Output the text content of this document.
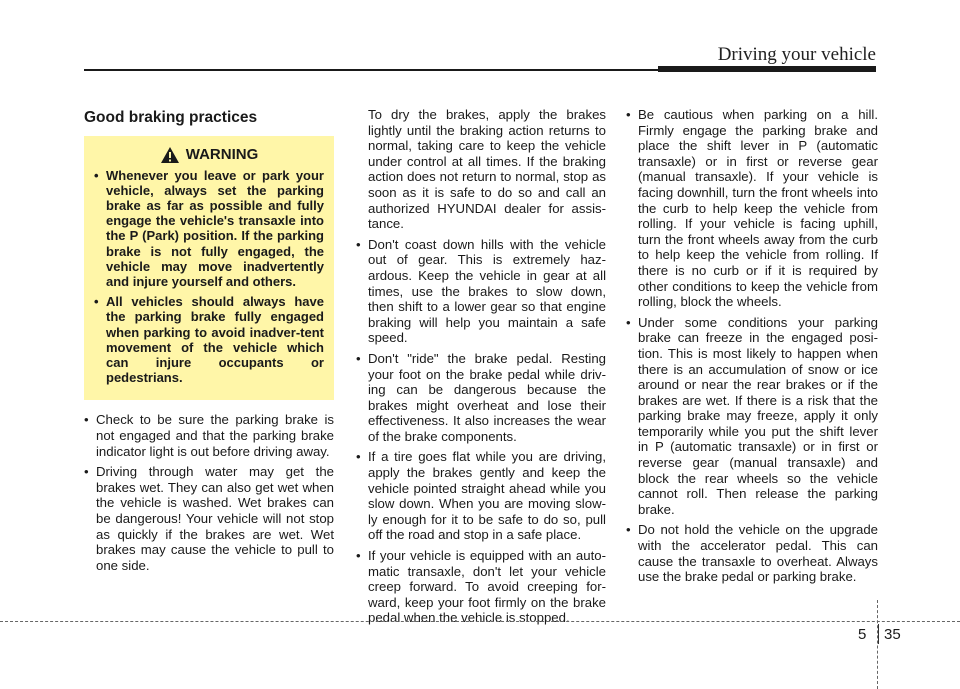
Driving your vehicle
Good braking practices
WARNING
• Whenever you leave or park your vehicle, always set the parking brake as far as possible and fully engage the vehicle's transaxle into the P (Park) position. If the parking brake is not fully engaged, the vehicle may move inadvertently and injure yourself and others.
• All vehicles should always have the parking brake fully engaged when parking to avoid inadver-tent movement of the vehicle which can injure occupants or pedestrians.
• Check to be sure the parking brake is not engaged and that the parking brake indicator light is out before driving away.
• Driving through water may get the brakes wet. They can also get wet when the vehicle is washed. Wet brakes can be dangerous! Your vehicle will not stop as quickly if the brakes are wet. Wet brakes may cause the vehicle to pull to one side.

To dry the brakes, apply the brakes lightly until the braking action returns to normal, taking care to keep the vehicle under control at all times. If the braking action does not return to normal, stop as soon as it is safe to do so and call an authorized HYUNDAI dealer for assis-tance.

• Don't coast down hills with the vehicle out of gear. This is extremely haz-ardous. Keep the vehicle in gear at all times, use the brakes to slow down, then shift to a lower gear so that engine braking will help you maintain a safe speed.
• Don't "ride" the brake pedal. Resting your foot on the brake pedal while driv-ing can be dangerous because the brakes might overheat and lose their effectiveness. It also increases the wear of the brake components.
• If a tire goes flat while you are driving, apply the brakes gently and keep the vehicle pointed straight ahead while you slow down. When you are moving slow-ly enough for it to be safe to do so, pull off the road and stop in a safe place.
• If your vehicle is equipped with an auto-matic transaxle, don't let your vehicle creep forward. To avoid creeping for-ward, keep your foot firmly on the brake pedal when the vehicle is stopped.
• Be cautious when parking on a hill. Firmly engage the parking brake and place the shift lever in P (automatic transaxle) or in first or reverse gear (manual transaxle). If your vehicle is facing downhill, turn the front wheels into the curb to help keep the vehicle from rolling. If your vehicle is facing uphill, turn the front wheels away from the curb to help keep the vehicle from rolling. If there is no curb or if it is required by other conditions to keep the vehicle from rolling, block the wheels.
• Under some conditions your parking brake can freeze in the engaged posi-tion. This is most likely to happen when there is an accumulation of snow or ice around or near the rear brakes or if the brakes are wet. If there is a risk that the parking brake may freeze, apply it only temporarily while you put the shift lever in P (automatic transaxle) or in first or reverse gear (manual transaxle) and block the rear wheels so the vehicle cannot roll. Then release the parking brake.
• Do not hold the vehicle on the upgrade with the accelerator pedal. This can cause the transaxle to overheat. Always use the brake pedal or parking brake.
5 35
